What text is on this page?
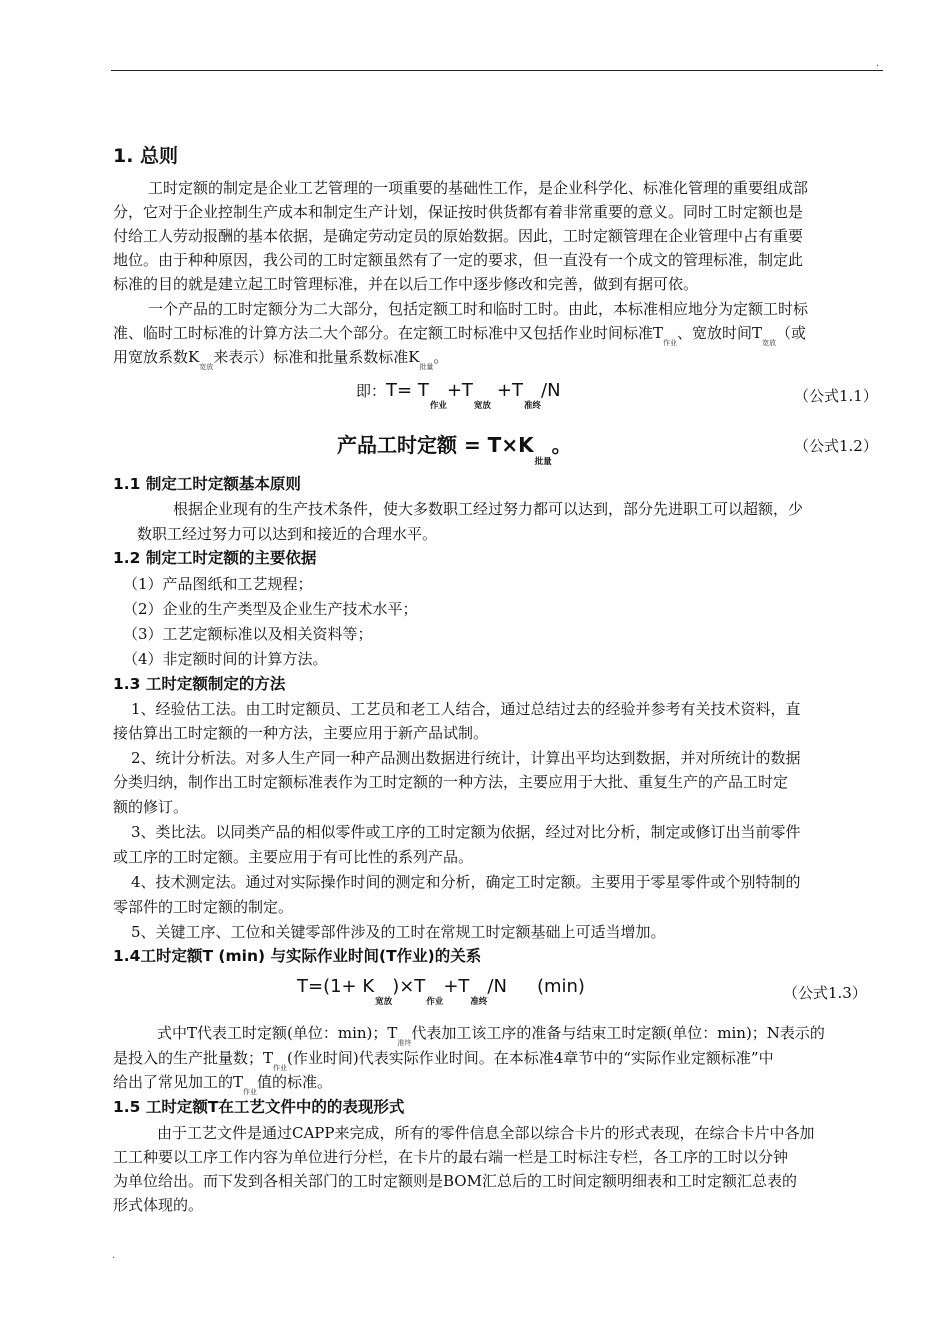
.
1. 总则
工时定额的制定是企业工艺管理的一项重要的基础性工作，是企业科学化、标准化管理的重要组成部
分，它对于企业控制生产成本和制定生产计划，保证按时供货都有着非常重要的意义。同时工时定额也是
付给工人劳动报酬的基本依据，是确定劳动定员的原始数据。因此，工时定额管理在企业管理中占有重要
地位。由于种种原因，我公司的工时定额虽然有了一定的要求，但一直没有一个成文的管理标准，制定此
标准的目的就是建立起工时管理标准，并在以后工作中逐步修改和完善，做到有据可依。
一个产品的工时定额分为二大部分，包括定额工时和临时工时。由此，本标准相应地分为定额工时标
准、临时工时标准的计算方法二大个部分。在定额工时标准中又包括作业时间标准$T_{作业}$、宽放时间$T_{宽放}$（或
用宽放系数$K_{宽放}$来表示）标准和批量系数标准$K_{批量}$。
即：$T= T_{作业}+T_{宽放}+T_{准终}/N$	（公式1.1）
产品工时定额 = $T\times K_{批量}$。	（公式1.2）
1.1 制定工时定额基本原则
根据企业现有的生产技术条件，使大多数职工经过努力都可以达到，部分先进职工可以超额，少
数职工经过努力可以达到和接近的合理水平。
1.2 制定工时定额的主要依据
（1）产品图纸和工艺规程；
（2）企业的生产类型及企业生产技术水平；
（3）工艺定额标准以及相关资料等；
（4）非定额时间的计算方法。
1.3 工时定额制定的方法
1、经验估工法。由工时定额员、工艺员和老工人结合，通过总结过去的经验并参考有关技术资料，直
接估算出工时定额的一种方法，主要应用于新产品试制。
2、统计分析法。对多人生产同一种产品测出数据进行统计，计算出平均达到数据，并对所统计的数据
分类归纳，制作出工时定额标准表作为工时定额的一种方法，主要应用于大批、重复生产的产品工时定
额的修订。
3、类比法。以同类产品的相似零件或工序的工时定额为依据，经过对比分析，制定或修订出当前零件
或工序的工时定额。主要应用于有可比性的系列产品。
4、技术测定法。通过对实际操作时间的测定和分析，确定工时定额。主要用于零星零件或个别特制的
零部件的工时定额的制定。
5、关键工序、工位和关键零部件涉及的工时在常规工时定额基础上可适当增加。
1.4工时定额T (min) 与实际作业时间(T作业)的关系
$T=(1+ K_{宽放})\times T_{作业}+T_{准终}/N$ (min)	（公式1.3）
式中T代表工时定额(单位：min)；$T_{准终}$代表加工该工序的准备与结束工时定额(单位：min)；N表示的
是投入的生产批量数；$T_{作业}$(作业时间)代表实际作业时间。在本标准4章节中的“实际作业定额标准”中
给出了常见加工的$T_{作业}$值的标准。
1.5 工时定额T在工艺文件中的的表现形式
由于工艺文件是通过CAPP来完成，所有的零件信息全部以综合卡片的形式表现，在综合卡片中各加
工工种要以工序工作内容为单位进行分栏，在卡片的最右端一栏是工时标注专栏，各工序的工时以分钟
为单位给出。而下发到各相关部门的工时定额则是BOM汇总后的工时间定额明细表和工时定额汇总表的
形式体现的。
.
